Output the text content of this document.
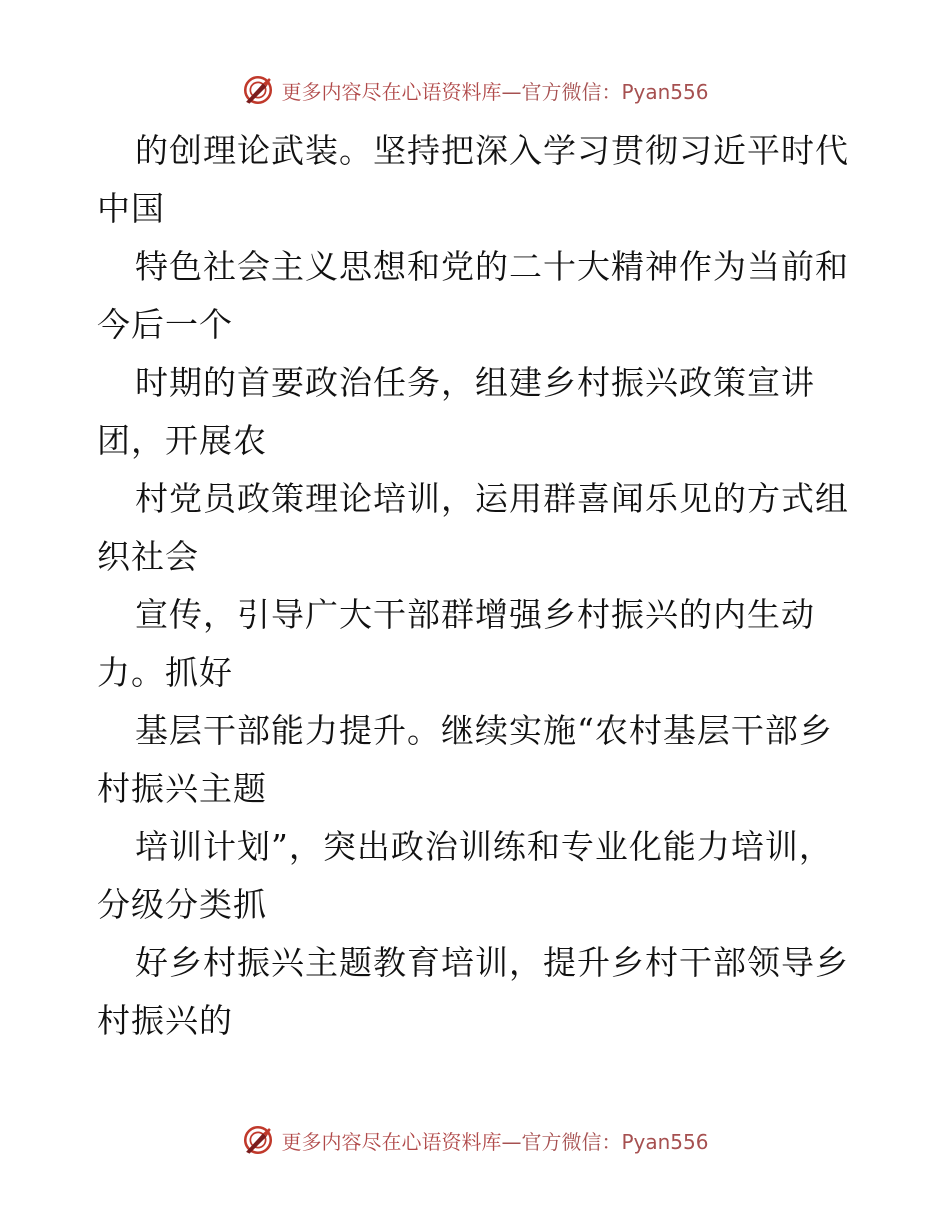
更多内容尽在心语资料库—官方微信：Pyan556
的创理论武装。坚持把深入学习贯彻习近平时代
中国
特色社会主义思想和党的二十大精神作为当前和
今后一个
时期的首要政治任务，组建乡村振兴政策宣讲
团，开展农
村党员政策理论培训，运用群喜闻乐见的方式组
织社会
宣传，引导广大干部群增强乡村振兴的内生动
力。抓好
基层干部能力提升。继续实施“农村基层干部乡
村振兴主题
培训计划”，突出政治训练和专业化能力培训，
分级分类抓
好乡村振兴主题教育培训，提升乡村干部领导乡
村振兴的
更多内容尽在心语资料库—官方微信：Pyan556
